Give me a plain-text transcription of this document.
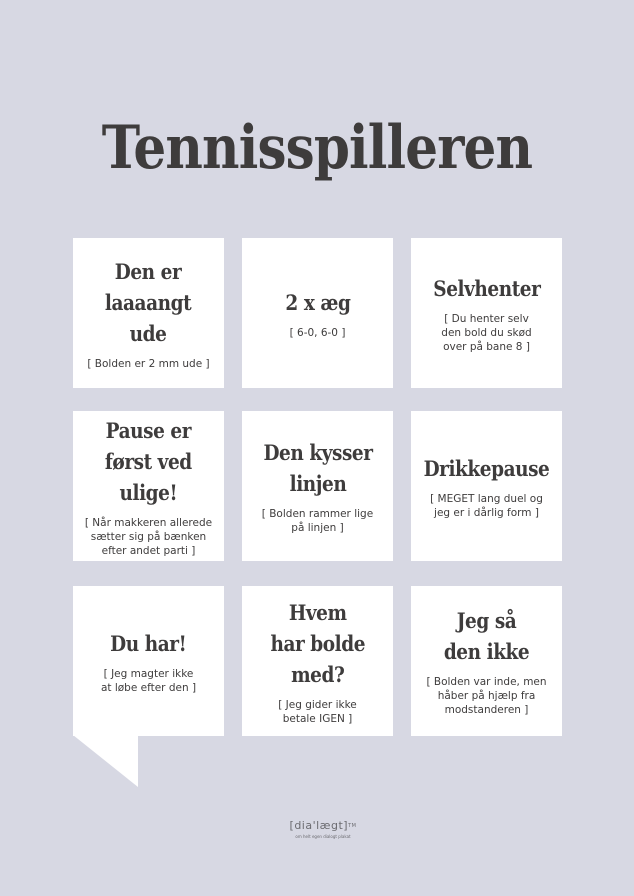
Tennisspilleren
Den er
laaaangt
ude
[ Bolden er 2 mm ude ]
2 x æg
[ 6-0, 6-0 ]
Selvhenter
[ Du henter selv
den bold du skød
over på bane 8 ]
Pause er
først ved
ulige!
[ Når makkeren allerede
sætter sig på bænken
efter andet parti ]
Den kysser
linjen
[ Bolden rammer lige
på linjen ]
Drikkepause
[ MEGET lang duel og
jeg er i dårlig form ]
Du har!
[ Jeg magter ikke
at løbe efter den ]
Hvem
har bolde
med?
[ Jeg gider ikke
betale IGEN ]
Jeg så
den ikke
[ Bolden var inde, men
håber på hjælp fra
modstanderen ]
[dia'lægt]™
om helt egen dialogt plakat
